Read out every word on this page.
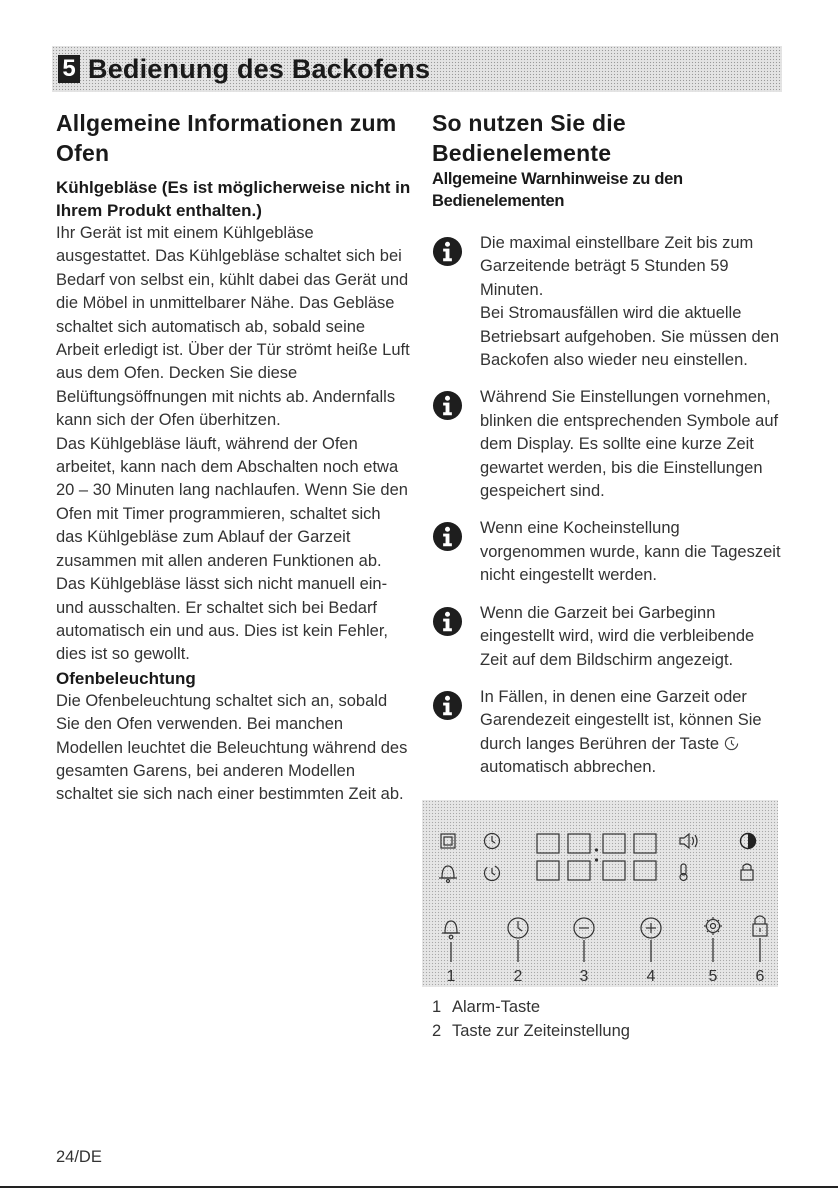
5 Bedienung des Backofens
Allgemeine Informationen zum Ofen
Kühlgebläse (Es ist möglicherweise nicht in Ihrem Produkt enthalten.)

Ihr Gerät ist mit einem Kühlgebläse ausgestattet. Das Kühlgebläse schaltet sich bei Bedarf von selbst ein, kühlt dabei das Gerät und die Möbel in unmittelbarer Nähe. Das Gebläse schaltet sich automatisch ab, sobald seine Arbeit erledigt ist. Über der Tür strömt heiße Luft aus dem Ofen. Decken Sie diese Belüftungsöffnungen mit nichts ab. Andernfalls kann sich der Ofen überhitzen.

Das Kühlgebläse läuft, während der Ofen arbeitet, kann nach dem Abschalten noch etwa 20 – 30 Minuten lang nachlaufen. Wenn Sie den Ofen mit Timer programmieren, schaltet sich das Kühlgebläse zum Ablauf der Garzeit zusammen mit allen anderen Funktionen ab. Das Kühlgebläse lässt sich nicht manuell ein- und ausschalten. Er schaltet sich bei Bedarf automatisch ein und aus. Dies ist kein Fehler, dies ist so gewollt.

Ofenbeleuchtung

Die Ofenbeleuchtung schaltet sich an, sobald Sie den Ofen verwenden. Bei manchen Modellen leuchtet die Beleuchtung während des gesamten Garens, bei anderen Modellen schaltet sie sich nach einer bestimmten Zeit ab.

So nutzen Sie die Bedienelemente
Allgemeine Warnhinweise zu den Bedienelementen

Die maximal einstellbare Zeit bis zum Garzeitende beträgt 5 Stunden 59 Minuten.

Bei Stromausfällen wird die aktuelle Betriebsart aufgehoben. Sie müssen den Backofen also wieder neu einstellen.

Während Sie Einstellungen vornehmen, blinken die entsprechenden Symbole auf dem Display. Es sollte eine kurze Zeit gewartet werden, bis die Einstellungen gespeichert sind.

Wenn eine Kocheinstellung vorgenommen wurde, kann die Tageszeit nicht eingestellt werden.

Wenn die Garzeit bei Garbeginn eingestellt wird, wird die verbleibende Zeit auf dem Bildschirm angezeigt.

In Fällen, in denen eine Garzeit oder Garendezeit eingestellt ist, können Sie durch langes Berühren der Taste

automatisch abbrechen.

1	2	3	4	5 6
1 Alarm-Taste
2 Taste zur Zeiteinstellung
24/DE
